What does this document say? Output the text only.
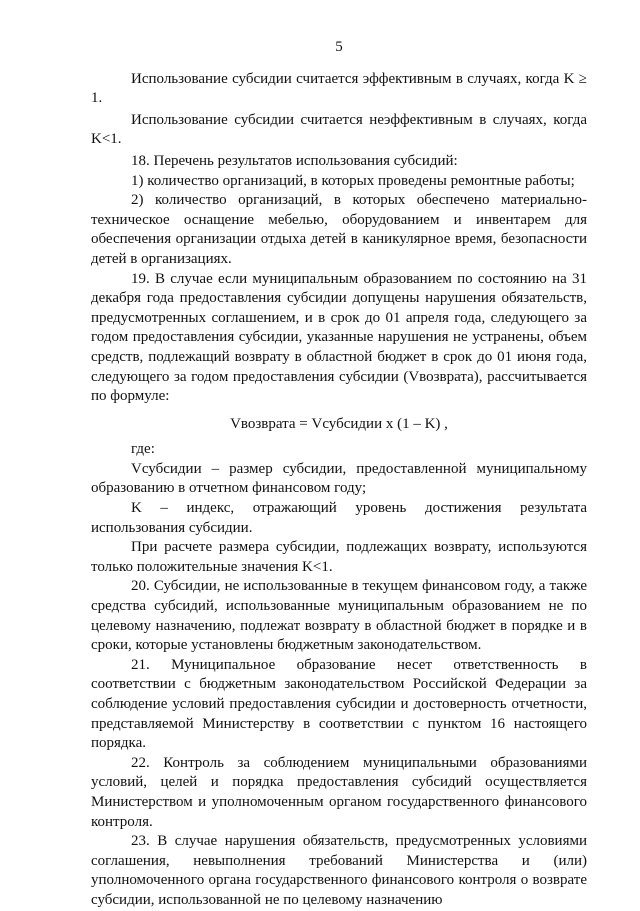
5

Использование субсидии считается эффективным в случаях, когда K ≥ 1.

Использование субсидии считается неэффективным в случаях, когда K<1.

18. Перечень результатов использования субсидий:

1) количество организаций, в которых проведены ремонтные работы;

2) количество организаций, в которых обеспечено материально-техническое оснащение мебелью, оборудованием и инвентарем для обеспечения организации отдыха детей в каникулярное время, безопасности детей в организациях.

19. В случае если муниципальным образованием по состоянию на 31 декабря года предоставления субсидии допущены нарушения обязательств, предусмотренных соглашением, и в срок до 01 апреля года, следующего за годом предоставления субсидии, указанные нарушения не устранены, объем средств, подлежащий возврату в областной бюджет в срок до 01 июня года, следующего за годом предоставления субсидии (Vвозврата), рассчитывается по формуле:

Vвозврата = Vсубсидии x (1 – K) ,

где:

Vсубсидии – размер субсидии, предоставленной муниципальному образованию в отчетном финансовом году;

K – индекс, отражающий уровень достижения результата использования субсидии.

При расчете размера субсидии, подлежащих возврату, используются только положительные значения K<1.

20. Субсидии, не использованные в текущем финансовом году, а также средства субсидий, использованные муниципальным образованием не по целевому назначению, подлежат возврату в областной бюджет в порядке и в сроки, которые установлены бюджетным законодательством.

21. Муниципальное образование несет ответственность в соответствии с бюджетным законодательством Российской Федерации за соблюдение условий предоставления субсидии и достоверность отчетности, представляемой Министерству в соответствии с пунктом 16 настоящего порядка.

22. Контроль за соблюдением муниципальными образованиями условий, целей и порядка предоставления субсидий осуществляется Министерством и уполномоченным органом государственного финансового контроля.

23. В случае нарушения обязательств, предусмотренных условиями соглашения, невыполнения требований Министерства и (или) уполномоченного органа государственного финансового контроля о возврате субсидии, использованной не по целевому назначению
